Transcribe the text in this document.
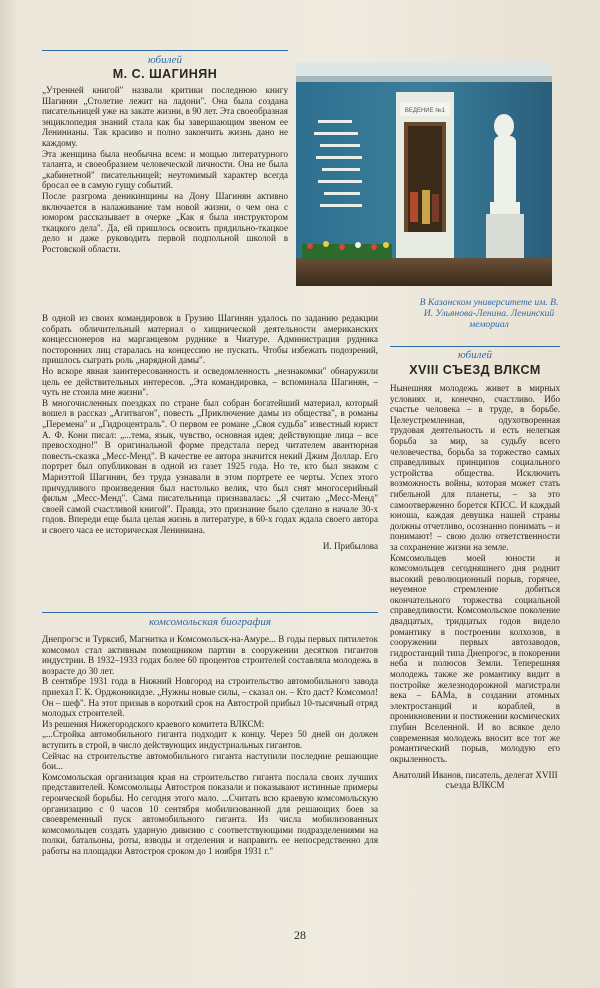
юбилей
М. С. ШАГИНЯН

„Утренней книгой" назвали критики последнюю книгу Шагинян „Столетие лежит на ладони". Она была создана писательницей уже на закате жизни, в 90 лет. Эта своеобразная энциклопедия знаний стала как бы завершающим звеном ее Ленинианы. Так красиво и полно закончить жизнь дано не каждому.

Эта женщина была необычна всем: и мощью литературного таланта, и своеобразием человеческой личности. Она не была „кабинетной" писательницей; неутомимый характер всегда бросал ее в самую гущу событий.

После разгрома деникинщины на Дону Шагинян активно включается в налаживание там новой жизни, о чем она с юмором рассказывает в очерке „Как я была инструктором ткацкого дела". Да, ей пришлось освоить прядильно-ткацкое дело и даже руководить первой подпольной школой в Ростовской области.

В одной из своих командировок в Грузию Шагинян удалось по заданию редакции собрать обличительный материал о хищнической деятельности американских концессионеров на марганцевом руднике в Чиатуре. Администрация рудника посторонних лиц старалась на концессию не пускать. Чтобы избежать подозрений, пришлось сыграть роль „нарядной дамы".

Но вскоре явная заинтересованность и осведомленность „незнакомки" обнаружили цель ее действительных интересов. „Эта командировка, – вспоминала Шагинян, – чуть не стоила мне жизни".

В многочисленных поездках по стране был собран богатейший материал, который вошел в рассказ „Агитвагон", повесть „Приключение дамы из общества", в романы „Перемена" и „Гидроцентраль". О первом ее романе „Своя судьба" известный юрист А. Ф. Кони писал: „...тема, язык, чувство, основная идея; действующие лица – все превосходно!" В оригинальной форме предстала перед читателем авантюрная повесть-сказка „Месс-Менд". В качестве ее автора значится некий Джим Доллар. Его портрет был опубликован в одной из газет 1925 года. Но те, кто был знаком с Мариэттой Шагинян, без труда узнавали в этом портрете ее черты. Успех этого причудливого произведения был настолько велик, что был снят многосерийный фильм „Месс-Менд". Сама писательница признавалась: „Я считаю „Месс-Менд" своей самой счастливой книгой". Правда, это признание было сделано в начале 30-х годов. Впереди еще была целая жизнь в литературе, в 60-х годах ждала своего автора и своего часа ее историческая Лениниана.

И. Прибылова
ВЕДЕНИЕ №1
В Казанском университете им. В. И. Ульянова-Ленина. Ленинский мемориал
юбилей
XVIII СЪЕЗД ВЛКСМ

Нынешняя молодежь живет в мирных условиях и, конечно, счастливо. Ибо счастье человека – в труде, в борьбе. Целеустремленная, одухотворенная трудовая деятельность и есть нелегкая борьба за мир, за судьбу всего человечества, борьба за торжество самых справедливых принципов социального устройства общества. Исключить возможность войны, которая может стать гибельной для планеты, – за это самоотверженно борется КПСС. И каждый юноша, каждая девушка нашей страны должны отчетливо, осознанно понимать – и понимают! – свою долю ответственности за сохранение жизни на земле.

Комсомольцев моей юности и комсомольцев сегодняшнего дня роднит высокий революционный порыв, горячее, неуемное стремление добиться окончательного торжества социальной справедливости. Комсомольское поколение двадцатых, тридцатых годов видело романтику в построении колхозов, в сооружении первых автозаводов, гидростанций типа Днепрогэс, в покорении неба и полюсов Земли. Теперешняя молодежь также же романтику видит в постройке железнодорожной магистрали века – БАМа, в создании атомных электростанций и кораблей, в проникновении и постижении космических глубин Вселенной. И во всякое дело современная молодежь вносит все тот же романтический порыв, молодую его окрыленность.

Анатолий Иванов, писатель, делегат XVIII съезда ВЛКСМ
комсомольская биография

Днепрогэс и Турксиб, Магнитка и Комсомольск-на-Амуре... В годы первых пятилеток комсомол стал активным помощником партии в сооружении десятков гигантов индустрии. В 1932–1933 годах более 60 процентов строителей составляла молодежь в возрасте до 30 лет.

В сентябре 1931 года в Нижний Новгород на строительство автомобильного завода приехал Г. К. Орджоникидзе. „Нужны новые силы, – сказал он. – Кто даст? Комсомол! Он – шеф". На этот призыв в короткий срок на Автострой прибыл 10-тысячный отряд молодых строителей.

Из решения Нижегородского краевого комитета ВЛКСМ:

„...Стройка автомобильного гиганта подходит к концу. Через 50 дней он должен вступить в строй, в число действующих индустриальных гигантов.

Сейчас на строительстве автомобильного гиганта наступили последние решающие бои...

Комсомольская организация края на строительство гиганта послала своих лучших представителей. Комсомольцы Автостроя показали и показывают истинные примеры героической борьбы. Но сегодня этого мало. ...Считать всю краевую комсомольскую организацию с 0 часов 10 сентября мобилизованной для решающих боев за своевременный пуск автомобильного гиганта. Из числа мобилизованных комсомольцев создать ударную дивизию с соответствующими подразделениями на полки, батальоны, роты, взводы и отделения и направить ее непосредственно для работы на площадки Автостроя сроком до 1 ноября 1931 г."

28
